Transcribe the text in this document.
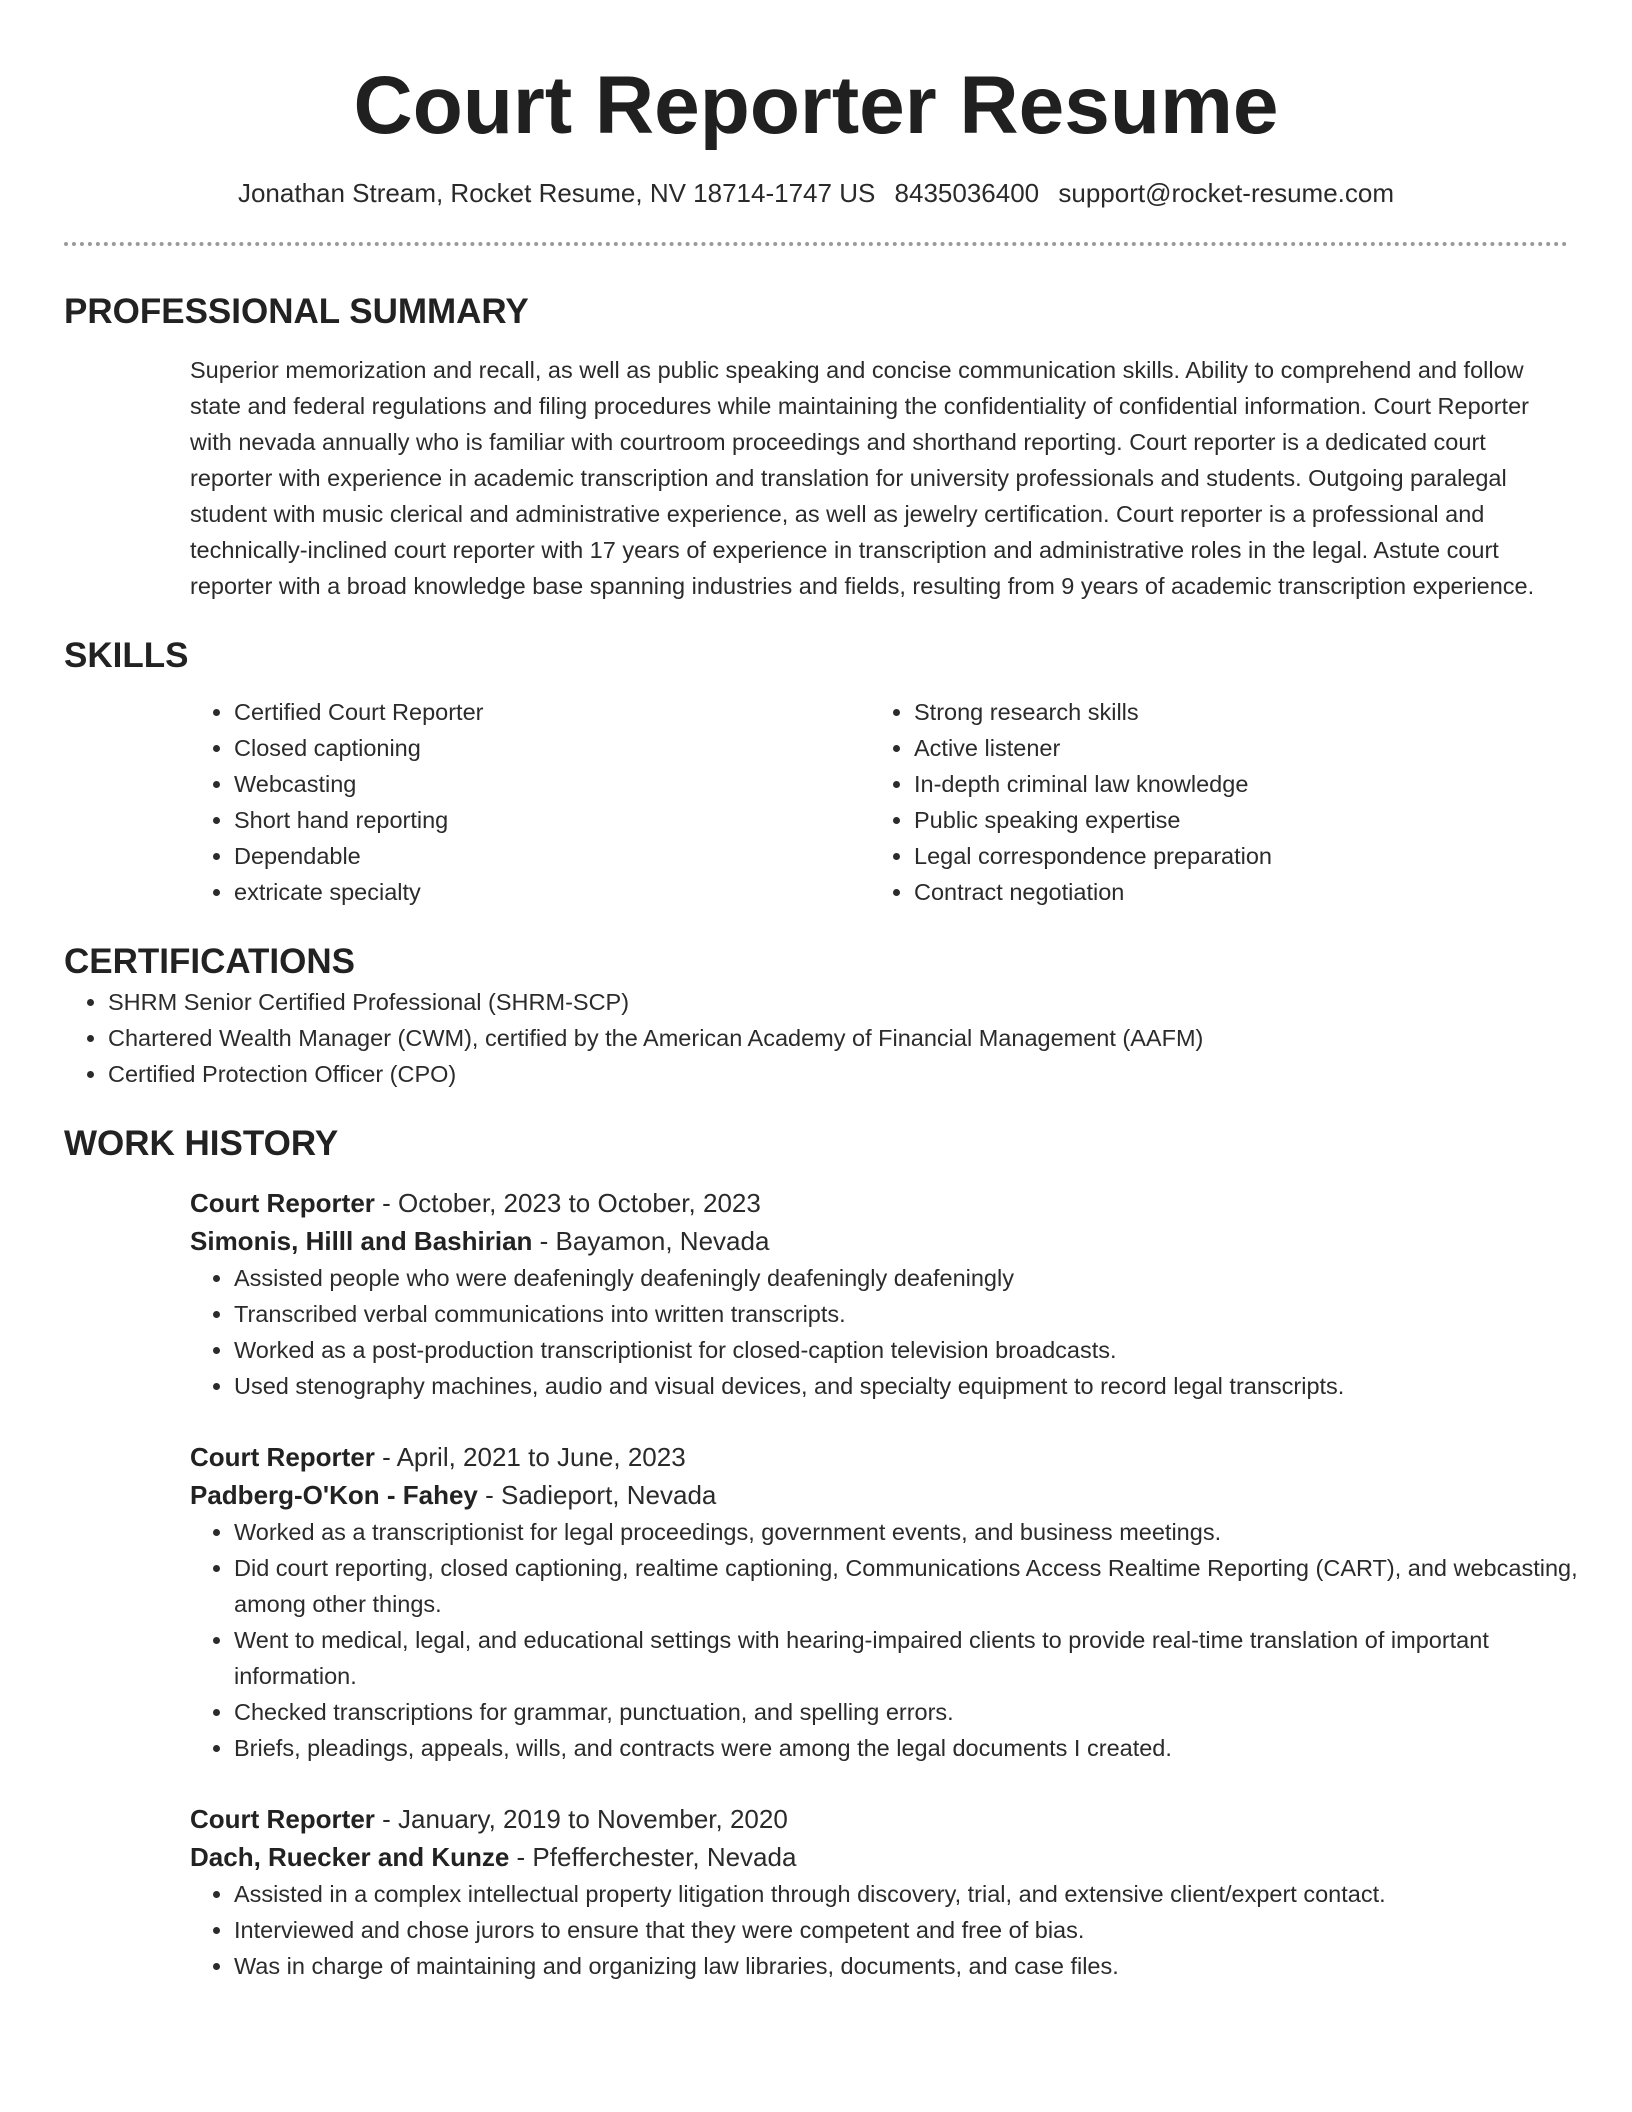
Court Reporter Resume
Jonathan Stream, Rocket Resume, NV 18714-1747 US 8435036400 support@rocket-resume.com
PROFESSIONAL SUMMARY

Superior memorization and recall, as well as public speaking and concise communication skills. Ability to comprehend and follow state and federal regulations and filing procedures while maintaining the confidentiality of confidential information. Court Reporter with nevada annually who is familiar with courtroom proceedings and shorthand reporting. Court reporter is a dedicated court reporter with experience in academic transcription and translation for university professionals and students. Outgoing paralegal student with music clerical and administrative experience, as well as jewelry certification. Court reporter is a professional and technically-inclined court reporter with 17 years of experience in transcription and administrative roles in the legal. Astute court reporter with a broad knowledge base spanning industries and fields, resulting from 9 years of academic transcription experience.

SKILLS
• Certified Court Reporter
• Closed captioning
• Webcasting
• Short hand reporting
• Dependable
• extricate specialty
• Strong research skills
• Active listener
• In-depth criminal law knowledge
• Public speaking expertise
• Legal correspondence preparation
• Contract negotiation
CERTIFICATIONS
• SHRM Senior Certified Professional (SHRM-SCP)
• Chartered Wealth Manager (CWM), certified by the American Academy of Financial Management (AAFM)
• Certified Protection Officer (CPO)
WORK HISTORY
Court Reporter - October, 2023 to October, 2023
Simonis, Hilll and Bashirian - Bayamon, Nevada
• Assisted people who were deafeningly deafeningly deafeningly deafeningly
• Transcribed verbal communications into written transcripts.
• Worked as a post-production transcriptionist for closed-caption television broadcasts.
• Used stenography machines, audio and visual devices, and specialty equipment to record legal transcripts.
Court Reporter - April, 2021 to June, 2023
Padberg-O'Kon - Fahey - Sadieport, Nevada
• Worked as a transcriptionist for legal proceedings, government events, and business meetings.
• Did court reporting, closed captioning, realtime captioning, Communications Access Realtime Reporting (CART), and webcasting, among other things.
• Went to medical, legal, and educational settings with hearing-impaired clients to provide real-time translation of important information.
• Checked transcriptions for grammar, punctuation, and spelling errors.
• Briefs, pleadings, appeals, wills, and contracts were among the legal documents I created.
Court Reporter - January, 2019 to November, 2020
Dach, Ruecker and Kunze - Pfefferchester, Nevada
• Assisted in a complex intellectual property litigation through discovery, trial, and extensive client/expert contact.
• Interviewed and chose jurors to ensure that they were competent and free of bias.
• Was in charge of maintaining and organizing law libraries, documents, and case files.
